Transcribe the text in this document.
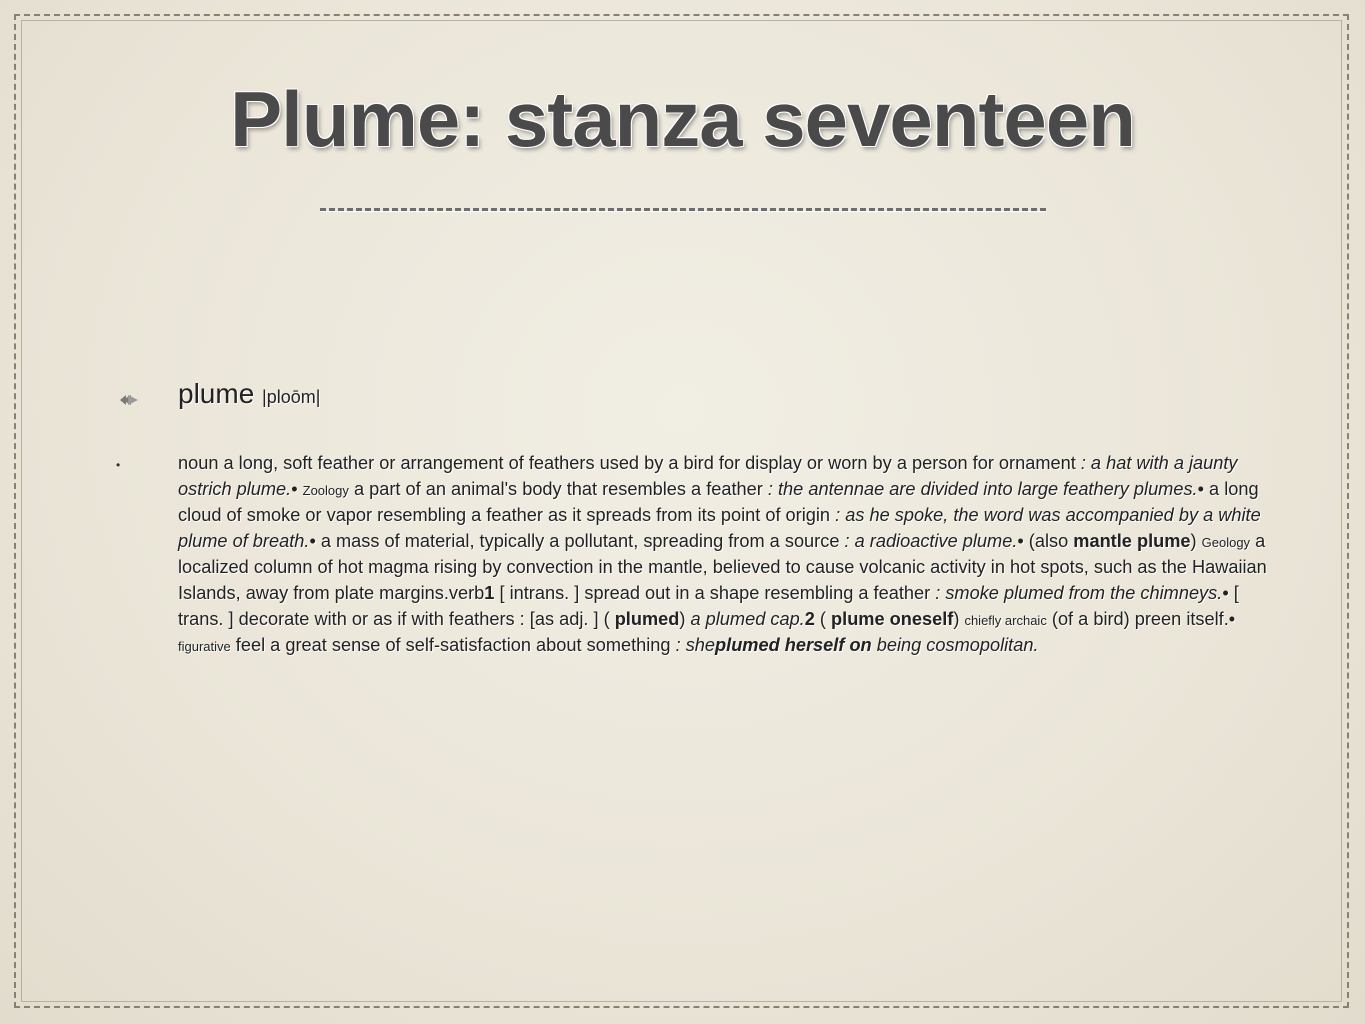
Plume: stanza seventeen
plume |ploōm|
•	noun a long, soft feather or arrangement of feathers used by a bird for display or worn by a person for ornament : a hat with a jaunty ostrich plume.• Zoology a part of an animal's body that resembles a feather : the antennae are divided into large feathery plumes.• a long cloud of smoke or vapor resembling a feather as it spreads from its point of origin : as he spoke, the word was accompanied by a white plume of breath.• a mass of material, typically a pollutant, spreading from a source : a radioactive plume.• (also mantle plume) Geology a localized column of hot magma rising by convection in the mantle, believed to cause volcanic activity in hot spots, such as the Hawaiian Islands, away from plate margins.verb1 [ intrans. ] spread out in a shape resembling a feather : smoke plumed from the chimneys.• [ trans. ] decorate with or as if with feathers : [as adj. ] ( plumed) a plumed cap.2 ( plume oneself) chiefly archaic (of a bird) preen itself.• figurative feel a great sense of self-satisfaction about something : sheplumed herself on being cosmopolitan.
